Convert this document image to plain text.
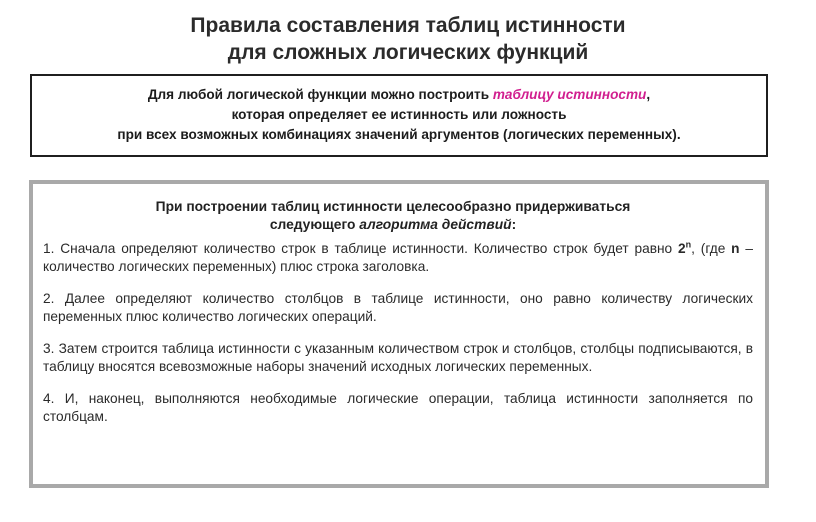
Правила составления таблиц истинности
для сложных логических функций
Для любой логической функции можно построить таблицу истинности,
которая определяет ее истинность или ложность
при всех возможных комбинациях значений аргументов (логических переменных).
При построении таблиц истинности целесообразно придерживаться
следующего алгоритма действий:

1. Сначала определяют количество строк в таблице истинности. Количество строк будет равно 2$^n$, (где n – количество логических переменных) плюс строка заголовка.

2. Далее определяют количество столбцов в таблице истинности, оно равно количеству логических переменных плюс количество логических операций.

3. Затем строится таблица истинности с указанным количеством строк и столбцов, столбцы подписываются, в таблицу вносятся всевозможные наборы значений исходных логических переменных.

4. И, наконец, выполняются необходимые логические операции, таблица истинности заполняется по столбцам.
